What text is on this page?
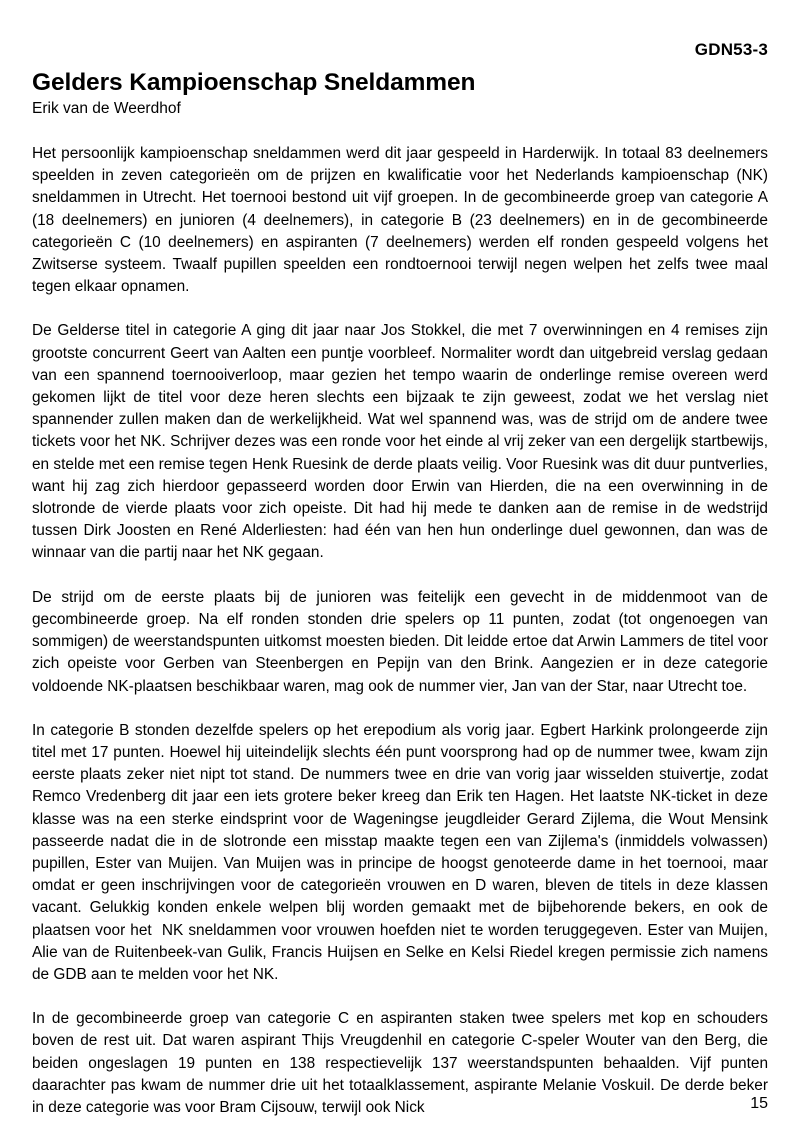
GDN53-3
Gelders Kampioenschap Sneldammen
Erik van de Weerdhof

Het persoonlijk kampioenschap sneldammen werd dit jaar gespeeld in Harderwijk. In totaal 83 deelnemers speelden in zeven categorieën om de prijzen en kwalificatie voor het Nederlands kampioenschap (NK) sneldammen in Utrecht. Het toernooi bestond uit vijf groepen. In de gecombineerde groep van categorie A (18 deelnemers) en junioren (4 deelnemers), in categorie B (23 deelnemers) en in de gecombineerde categorieën C (10 deelnemers) en aspiranten (7 deelnemers) werden elf ronden gespeeld volgens het Zwitserse systeem. Twaalf pupillen speelden een rondtoernooi terwijl negen welpen het zelfs twee maal tegen elkaar opnamen.

De Gelderse titel in categorie A ging dit jaar naar Jos Stokkel, die met 7 overwinningen en 4 remises zijn grootste concurrent Geert van Aalten een puntje voorbleef. Normaliter wordt dan uitgebreid verslag gedaan van een spannend toernooiverloop, maar gezien het tempo waarin de onderlinge remise overeen werd gekomen lijkt de titel voor deze heren slechts een bijzaak te zijn geweest, zodat we het verslag niet spannender zullen maken dan de werkelijkheid. Wat wel spannend was, was de strijd om de andere twee tickets voor het NK. Schrijver dezes was een ronde voor het einde al vrij zeker van een dergelijk startbewijs, en stelde met een remise tegen Henk Ruesink de derde plaats veilig. Voor Ruesink was dit duur puntverlies, want hij zag zich hierdoor gepasseerd worden door Erwin van Hierden, die na een overwinning in de slotronde de vierde plaats voor zich opeiste. Dit had hij mede te danken aan de remise in de wedstrijd tussen Dirk Joosten en René Alderliesten: had één van hen hun onderlinge duel gewonnen, dan was de winnaar van die partij naar het NK gegaan.

De strijd om de eerste plaats bij de junioren was feitelijk een gevecht in de middenmoot van de gecombineerde groep. Na elf ronden stonden drie spelers op 11 punten, zodat (tot ongenoegen van sommigen) de weerstandspunten uitkomst moesten bieden. Dit leidde ertoe dat Arwin Lammers de titel voor zich opeiste voor Gerben van Steenbergen en Pepijn van den Brink. Aangezien er in deze categorie voldoende NK-plaatsen beschikbaar waren, mag ook de nummer vier, Jan van der Star, naar Utrecht toe.

In categorie B stonden dezelfde spelers op het erepodium als vorig jaar. Egbert Harkink prolongeerde zijn titel met 17 punten. Hoewel hij uiteindelijk slechts één punt voorsprong had op de nummer twee, kwam zijn eerste plaats zeker niet nipt tot stand. De nummers twee en drie van vorig jaar wisselden stuivertje, zodat Remco Vredenberg dit jaar een iets grotere beker kreeg dan Erik ten Hagen. Het laatste NK-ticket in deze klasse was na een sterke eindsprint voor de Wageningse jeugdleider Gerard Zijlema, die Wout Mensink passeerde nadat die in de slotronde een misstap maakte tegen een van Zijlema's (inmiddels volwassen) pupillen, Ester van Muijen. Van Muijen was in principe de hoogst genoteerde dame in het toernooi, maar omdat er geen inschrijvingen voor de categorieën vrouwen en D waren, bleven de titels in deze klassen vacant. Gelukkig konden enkele welpen blij worden gemaakt met de bijbehorende bekers, en ook de plaatsen voor het  NK sneldammen voor vrouwen hoefden niet te worden teruggegeven. Ester van Muijen, Alie van de Ruitenbeek-van Gulik, Francis Huijsen en Selke en Kelsi Riedel kregen permissie zich namens de GDB aan te melden voor het NK.

In de gecombineerde groep van categorie C en aspiranten staken twee spelers met kop en schouders boven de rest uit. Dat waren aspirant Thijs Vreugdenhil en categorie C-speler Wouter van den Berg, die beiden ongeslagen 19 punten en 138 respectievelijk 137 weerstandspunten behaalden. Vijf punten daarachter pas kwam de nummer drie uit het totaalklassement, aspirante Melanie Voskuil. De derde beker in deze categorie was voor Bram Cijsouw, terwijl ook Nick	15
